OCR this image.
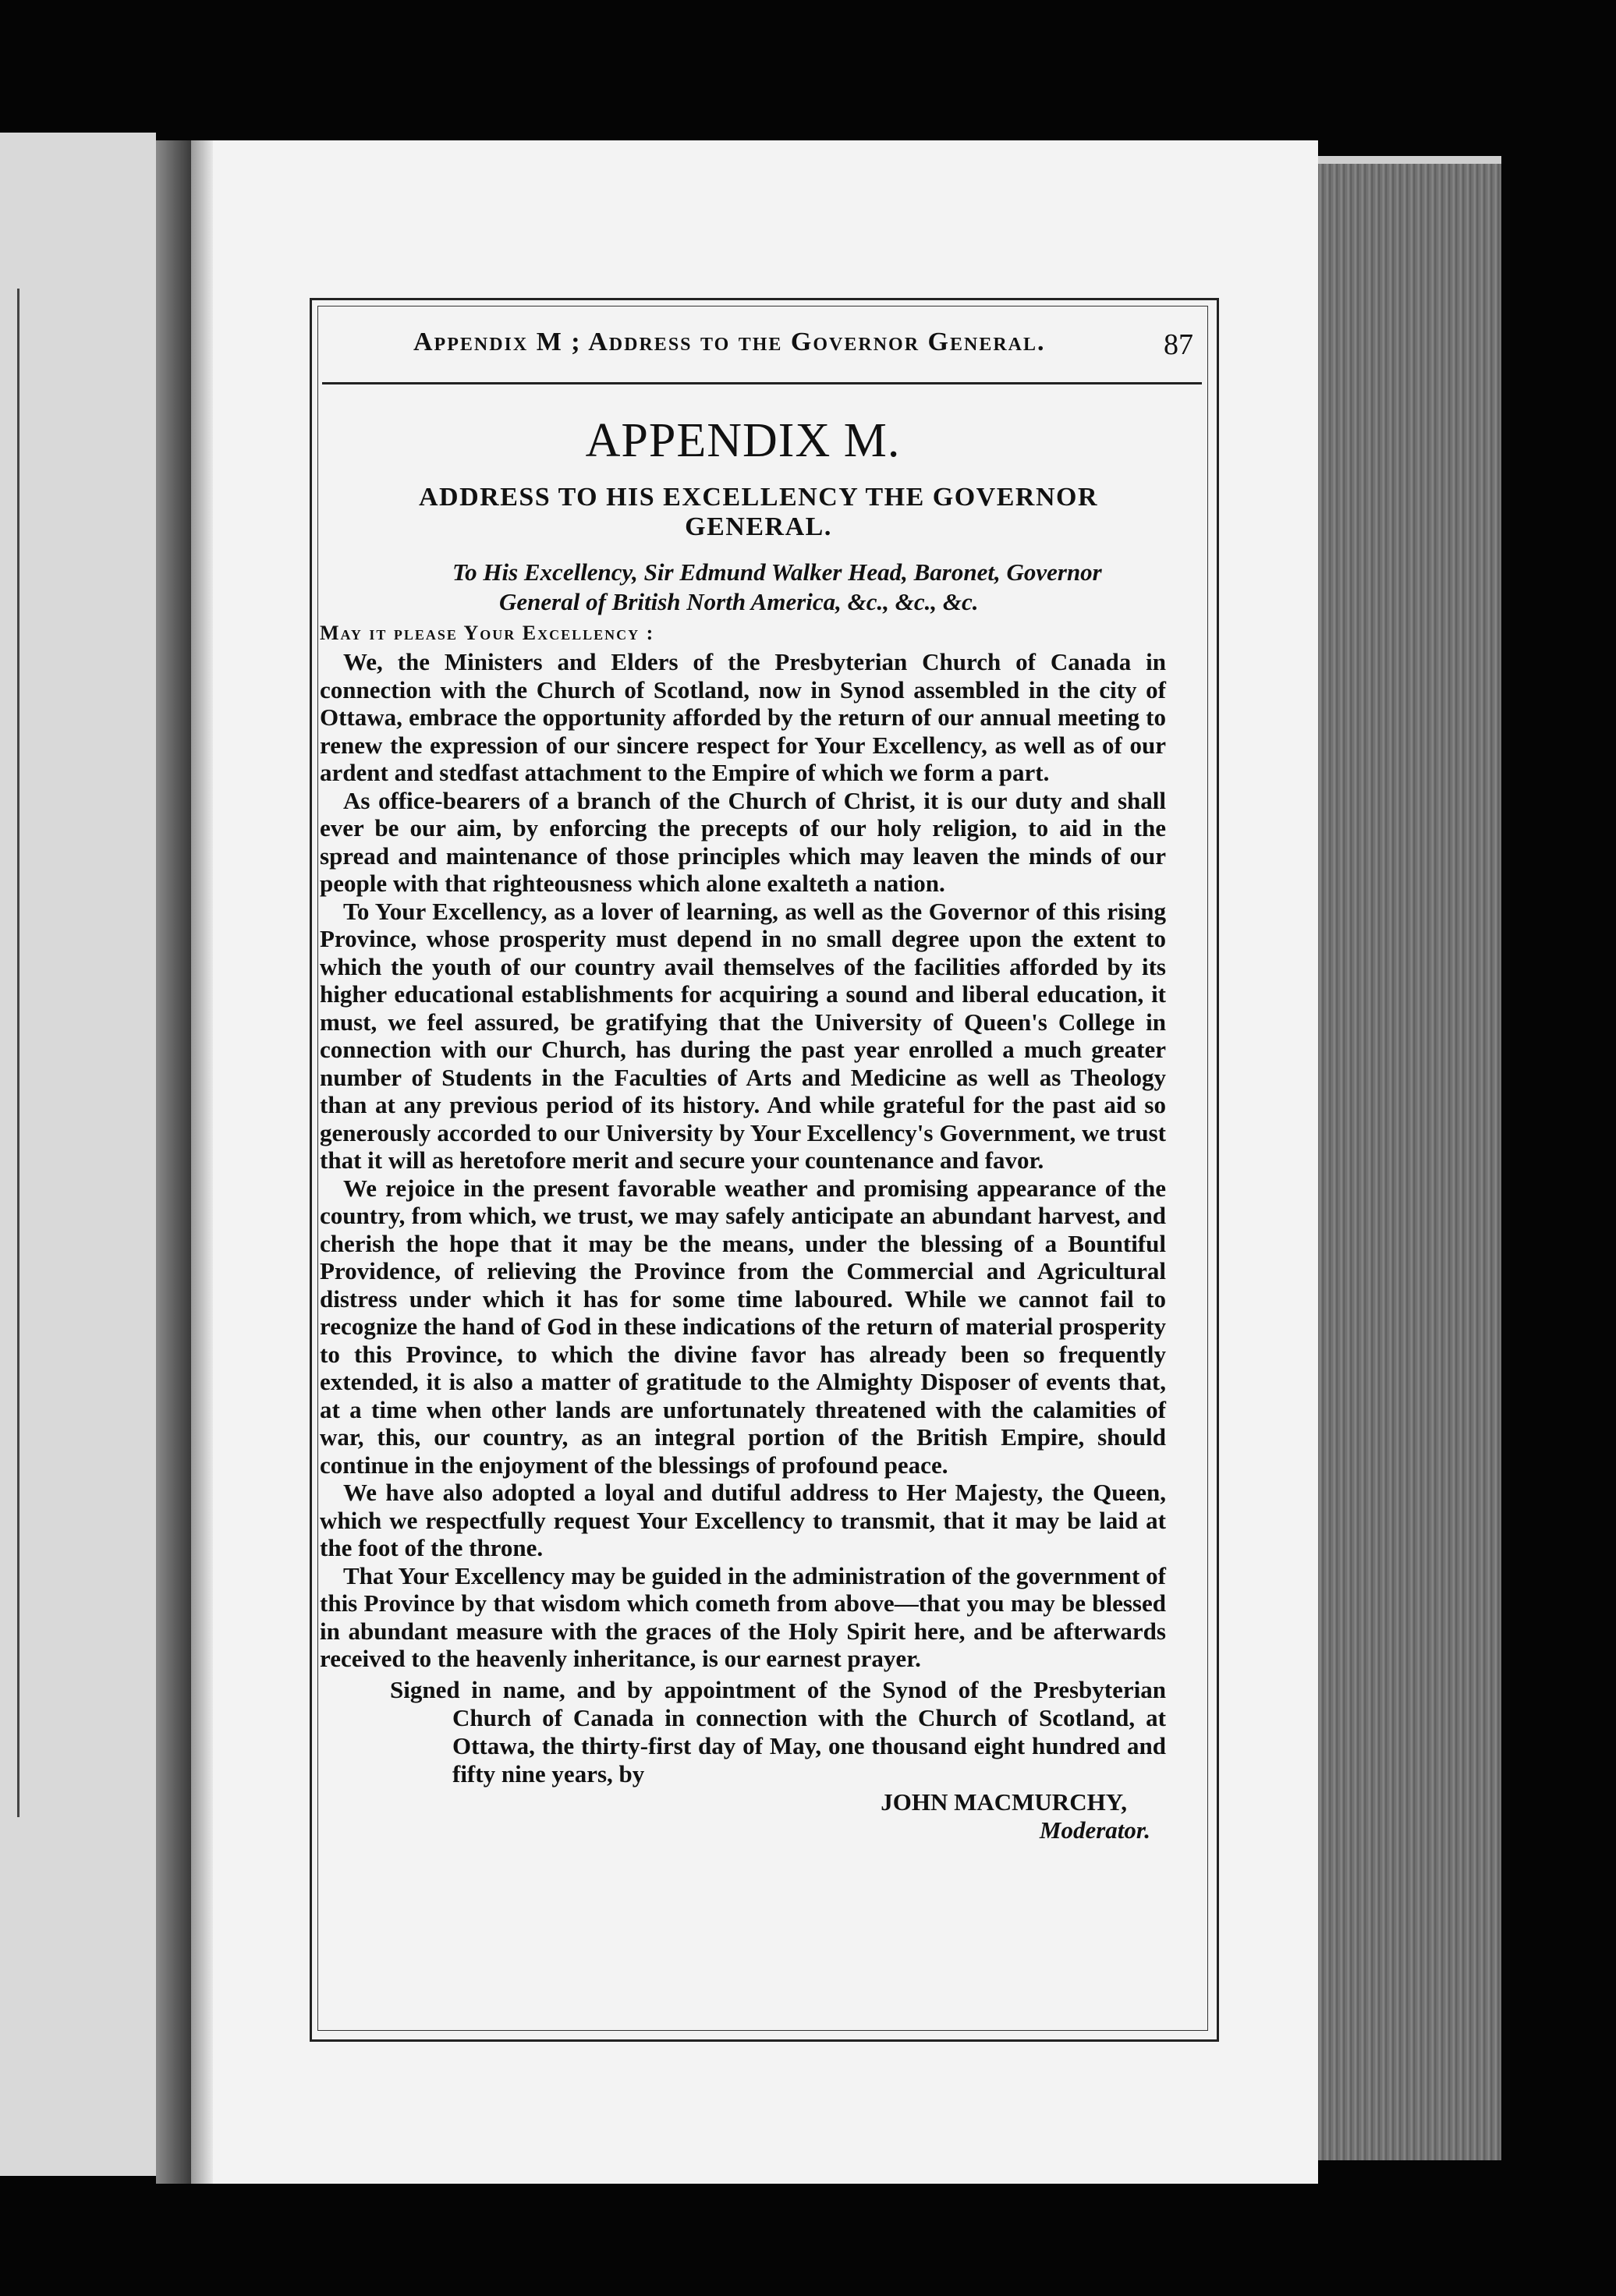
Appendix M ; Address to the Governor General.	87
APPENDIX M.
ADDRESS TO HIS EXCELLENCY THE GOVERNOR GENERAL.

To His Excellency, Sir Edmund Walker Head, Baronet, Governor General of British North America, &c., &c., &c.

May it please Your Excellency :

We, the Ministers and Elders of the Presbyterian Church of Canada in connection with the Church of Scotland, now in Synod assembled in the city of Ottawa, embrace the opportunity afforded by the return of our annual meeting to renew the expression of our sincere respect for Your Excellency, as well as of our ardent and stedfast attachment to the Empire of which we form a part.

As office-bearers of a branch of the Church of Christ, it is our duty and shall ever be our aim, by enforcing the precepts of our holy religion, to aid in the spread and maintenance of those principles which may leaven the minds of our people with that righteousness which alone exalteth a nation.

To Your Excellency, as a lover of learning, as well as the Governor of this rising Province, whose prosperity must depend in no small degree upon the extent to which the youth of our country avail themselves of the facilities afforded by its higher educational establishments for acquiring a sound and liberal education, it must, we feel assured, be gratifying that the University of Queen's College in connection with our Church, has during the past year enrolled a much greater number of Students in the Faculties of Arts and Medicine as well as Theology than at any previous period of its history. And while grateful for the past aid so generously accorded to our University by Your Excellency's Government, we trust that it will as heretofore merit and secure your countenance and favor.

We rejoice in the present favorable weather and promising appearance of the country, from which, we trust, we may safely anticipate an abundant harvest, and cherish the hope that it may be the means, under the blessing of a Bountiful Providence, of relieving the Province from the Commercial and Agricultural distress under which it has for some time laboured. While we cannot fail to recognize the hand of God in these indications of the return of material prosperity to this Province, to which the divine favor has already been so frequently extended, it is also a matter of gratitude to the Almighty Disposer of events that, at a time when other lands are unfortunately threatened with the calamities of war, this, our country, as an integral portion of the British Empire, should continue in the enjoyment of the blessings of profound peace.

We have also adopted a loyal and dutiful address to Her Majesty, the Queen, which we respectfully request Your Excellency to transmit, that it may be laid at the foot of the throne.

That Your Excellency may be guided in the administration of the government of this Province by that wisdom which cometh from above—that you may be blessed in abundant measure with the graces of the Holy Spirit here, and be afterwards received to the heavenly inheritance, is our earnest prayer.

Signed in name, and by appointment of the Synod of the Presbyterian Church of Canada in connection with the Church of Scotland, at Ottawa, the thirty-first day of May, one thousand eight hundred and fifty nine years, by

JOHN MACMURCHY,

Moderator.
